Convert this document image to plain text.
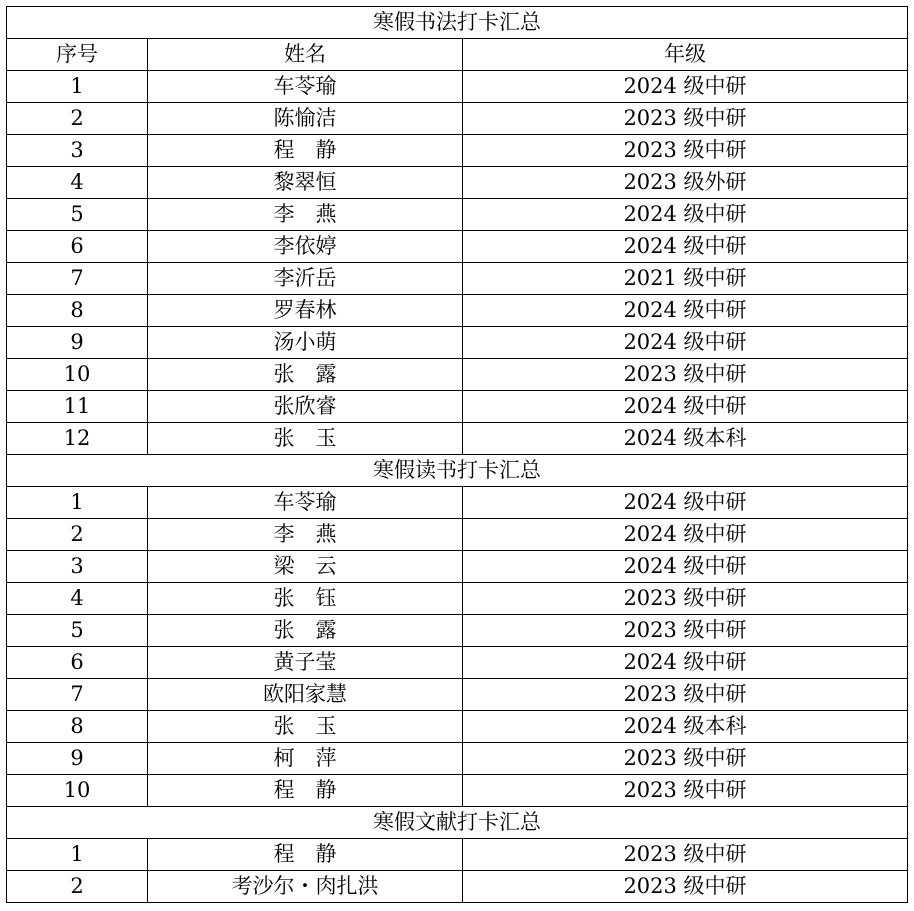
寒假书法打卡汇总		
序号	姓名	年级
1	车苓瑜	2024 级中研
2	陈愉洁	2023 级中研
3	程　静	2023 级中研
4	黎翠恒	2023 级外研
5	李　燕	2024 级中研
6	李依婷	2024 级中研
7	李沂岳	2021 级中研
8	罗春林	2024 级中研
9	汤小萌	2024 级中研
10	张　露	2023 级中研
11	张欣睿	2024 级中研
12	张　玉	2024 级本科
寒假读书打卡汇总		
1	车苓瑜	2024 级中研
2	李　燕	2024 级中研
3	梁　云	2024 级中研
4	张　钰	2023 级中研
5	张　露	2023 级中研
6	黄子莹	2024 级中研
7	欧阳家慧	2023 级中研
8	张　玉	2024 级本科
9	柯　萍	2023 级中研
10	程　静	2023 级中研
寒假文献打卡汇总		
1	程　静	2023 级中研
2	考沙尔・肉扎洪	2023 级中研
